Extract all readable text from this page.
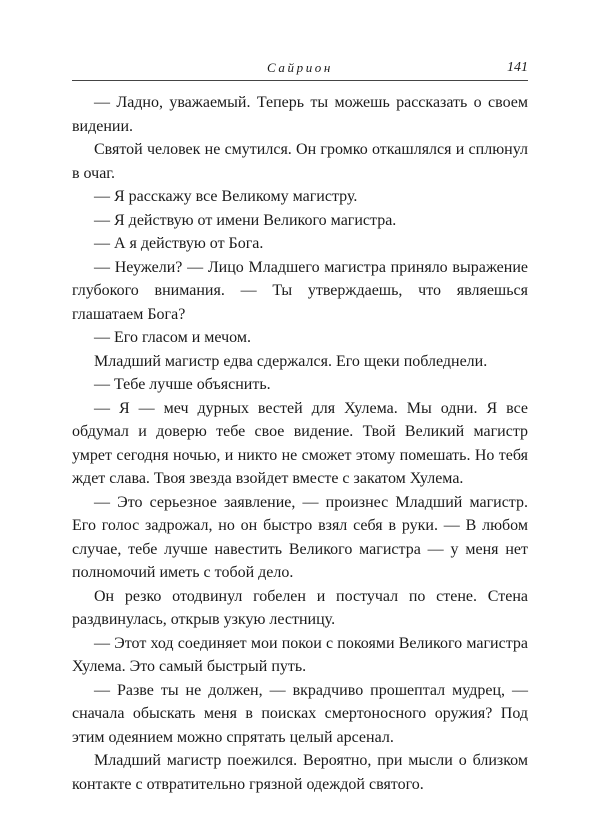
Сайрион	141

— Ладно, уважаемый. Теперь ты можешь рассказать о своем видении.

Святой человек не смутился. Он громко откашлялся и сплюнул в очаг.

— Я расскажу все Великому магистру.

— Я действую от имени Великого магистра.

— А я действую от Бога.

— Неужели? — Лицо Младшего магистра приняло выражение глубокого внимания. — Ты утверждаешь, что являешься глашатаем Бога?

— Его гласом и мечом.

Младший магистр едва сдержался. Его щеки побледнели.

— Тебе лучше объяснить.

— Я — меч дурных вестей для Хулема. Мы одни. Я все обдумал и доверю тебе свое видение. Твой Великий магистр умрет сегодня ночью, и никто не сможет этому помешать. Но тебя ждет слава. Твоя звезда взойдет вместе с закатом Хулема.

— Это серьезное заявление, — произнес Младший магистр. Его голос задрожал, но он быстро взял себя в руки. — В любом случае, тебе лучше навестить Великого магистра — у меня нет полномочий иметь с тобой дело.

Он резко отодвинул гобелен и постучал по стене. Стена раздвинулась, открыв узкую лестницу.

— Этот ход соединяет мои покои с покоями Великого магистра Хулема. Это самый быстрый путь.

— Разве ты не должен, — вкрадчиво прошептал мудрец, — сначала обыскать меня в поисках смертоносного оружия? Под этим одеянием можно спрятать целый арсенал.

Младший магистр поежился. Вероятно, при мысли о близком контакте с отвратительно грязной одеждой святого.
